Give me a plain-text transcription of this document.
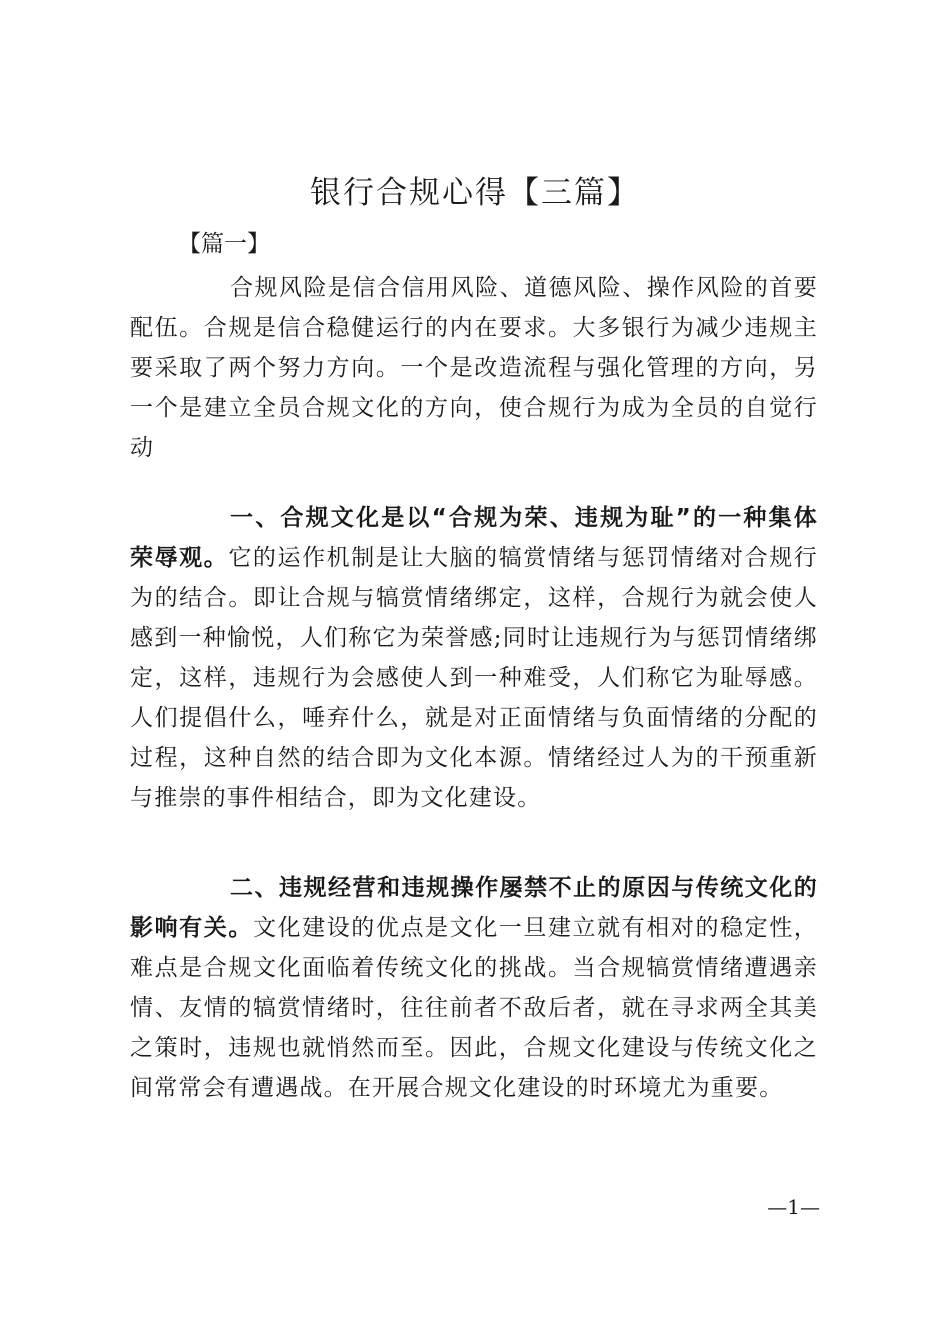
银行合规心得【三篇】

【篇一】

合规风险是信合信用风险、道德风险、操作风险的首要配伍。合规是信合稳健运行的内在要求。大多银行为减少违规主要采取了两个努力方向。一个是改造流程与强化管理的方向，另一个是建立全员合规文化的方向，使合规行为成为全员的自觉行动

一、合规文化是以“合规为荣、违规为耻”的一种集体荣辱观。它的运作机制是让大脑的犒赏情绪与惩罚情绪对合规行为的结合。即让合规与犒赏情绪绑定，这样，合规行为就会使人感到一种愉悦，人们称它为荣誉感;同时让违规行为与惩罚情绪绑定，这样，违规行为会感使人到一种难受，人们称它为耻辱感。人们提倡什么，唾弃什么，就是对正面情绪与负面情绪的分配的过程，这种自然的结合即为文化本源。情绪经过人为的干预重新与推崇的事件相结合，即为文化建设。

二、违规经营和违规操作屡禁不止的原因与传统文化的影响有关。文化建设的优点是文化一旦建立就有相对的稳定性，难点是合规文化面临着传统文化的挑战。当合规犒赏情绪遭遇亲情、友情的犒赏情绪时，往往前者不敌后者，就在寻求两全其美之策时，违规也就悄然而至。因此，合规文化建设与传统文化之间常常会有遭遇战。在开展合规文化建设的时环境尤为重要。

—1—
